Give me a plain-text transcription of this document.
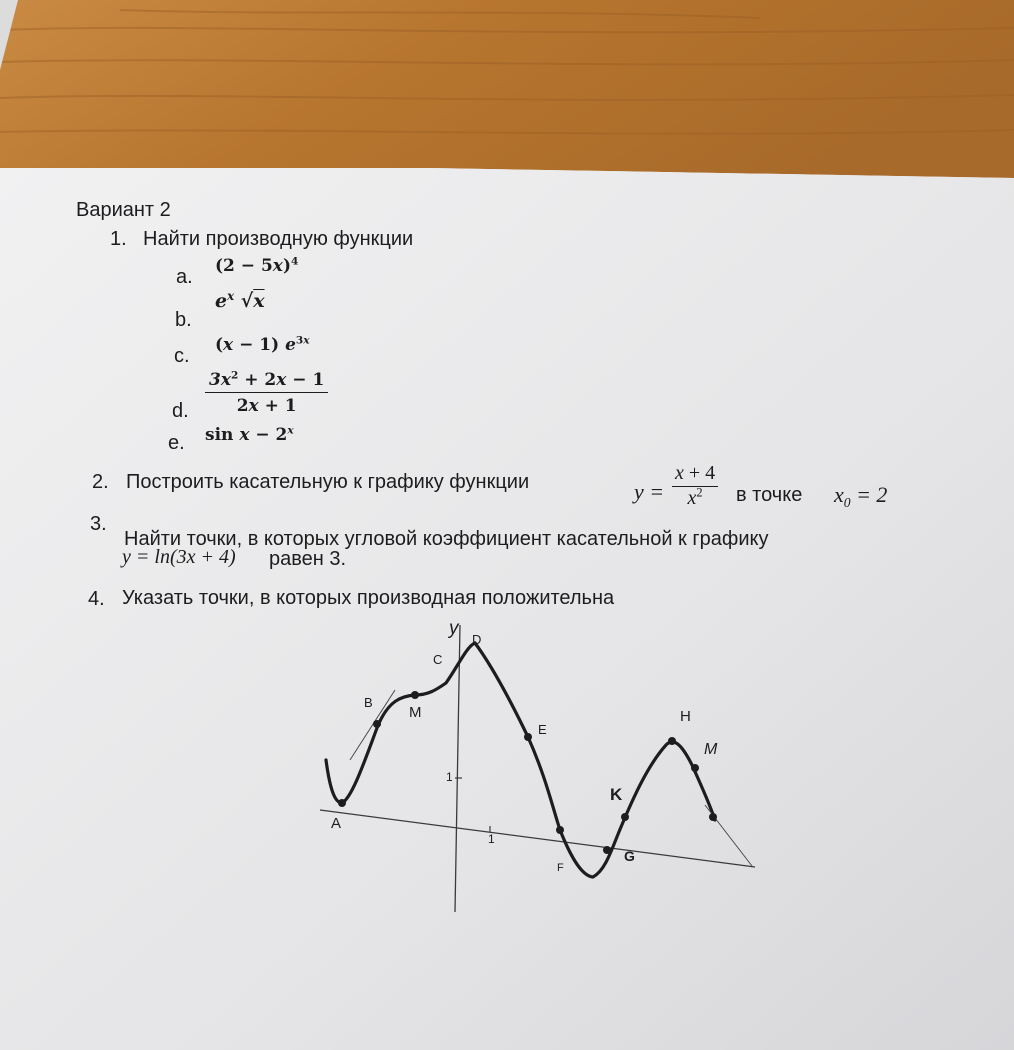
Вариант 2
1. Найти производную функции
a. $(2 - 5x)^4$
b.
$e^x$ √x
c. (x − 1) $e^{3x}$
d. $\frac{3x^2 + 2x - 1}{2x + 1}$
e. $\sin x - 2^x$
2. Построить касательную к графику функции	$y = \frac{x + 4}{x^2}$ в точке $x_0 = 2$
3.
Найти точки, в которых угловой коэффициент касательной к графику
y = ln(3x + 4) равен 3.
4. Указать точки, в которых производная положительна
y
1
1
A
B
M
C
D
E
F
G
K
H
M
